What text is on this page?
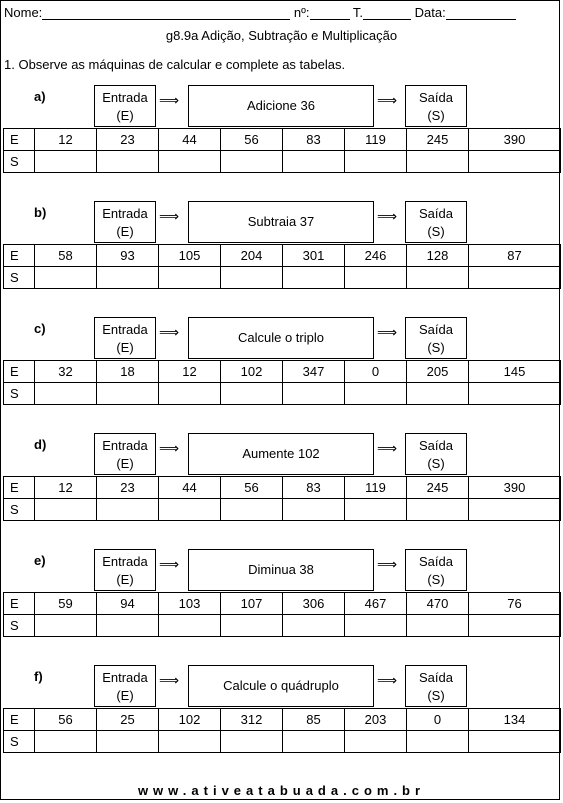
Nome:	nº:	T.	Data:
g8.9a Adição, Subtração e Multiplicação
1. Observe as máquinas de calcular e complete as tabelas.
a)	Entrada
(E)
⟹	Adicione 36	⟹	Saída
(S)
E	12	23	44	56	83	119	245	390
S								
b)	Entrada
(E)
⟹	Subtraia 37	⟹	Saída
(S)
E	58	93	105	204	301	246	128	87
S								
c)	Entrada
(E)
⟹	Calcule o triplo	⟹	Saída
(S)
E	32	18	12	102	347	0	205	145
S								
d)	Entrada
(E)
⟹	Aumente 102	⟹	Saída
(S)
E	12	23	44	56	83	119	245	390
S								
e)	Entrada
(E)
⟹	Diminua 38	⟹	Saída
(S)
E	59	94	103	107	306	467	470	76
S								
f)	Entrada
(E)
⟹	Calcule o quádruplo	⟹	Saída
(S)
E	56	25	102	312	85	203	0	134
S								
www.ativeatabuada.com.br
